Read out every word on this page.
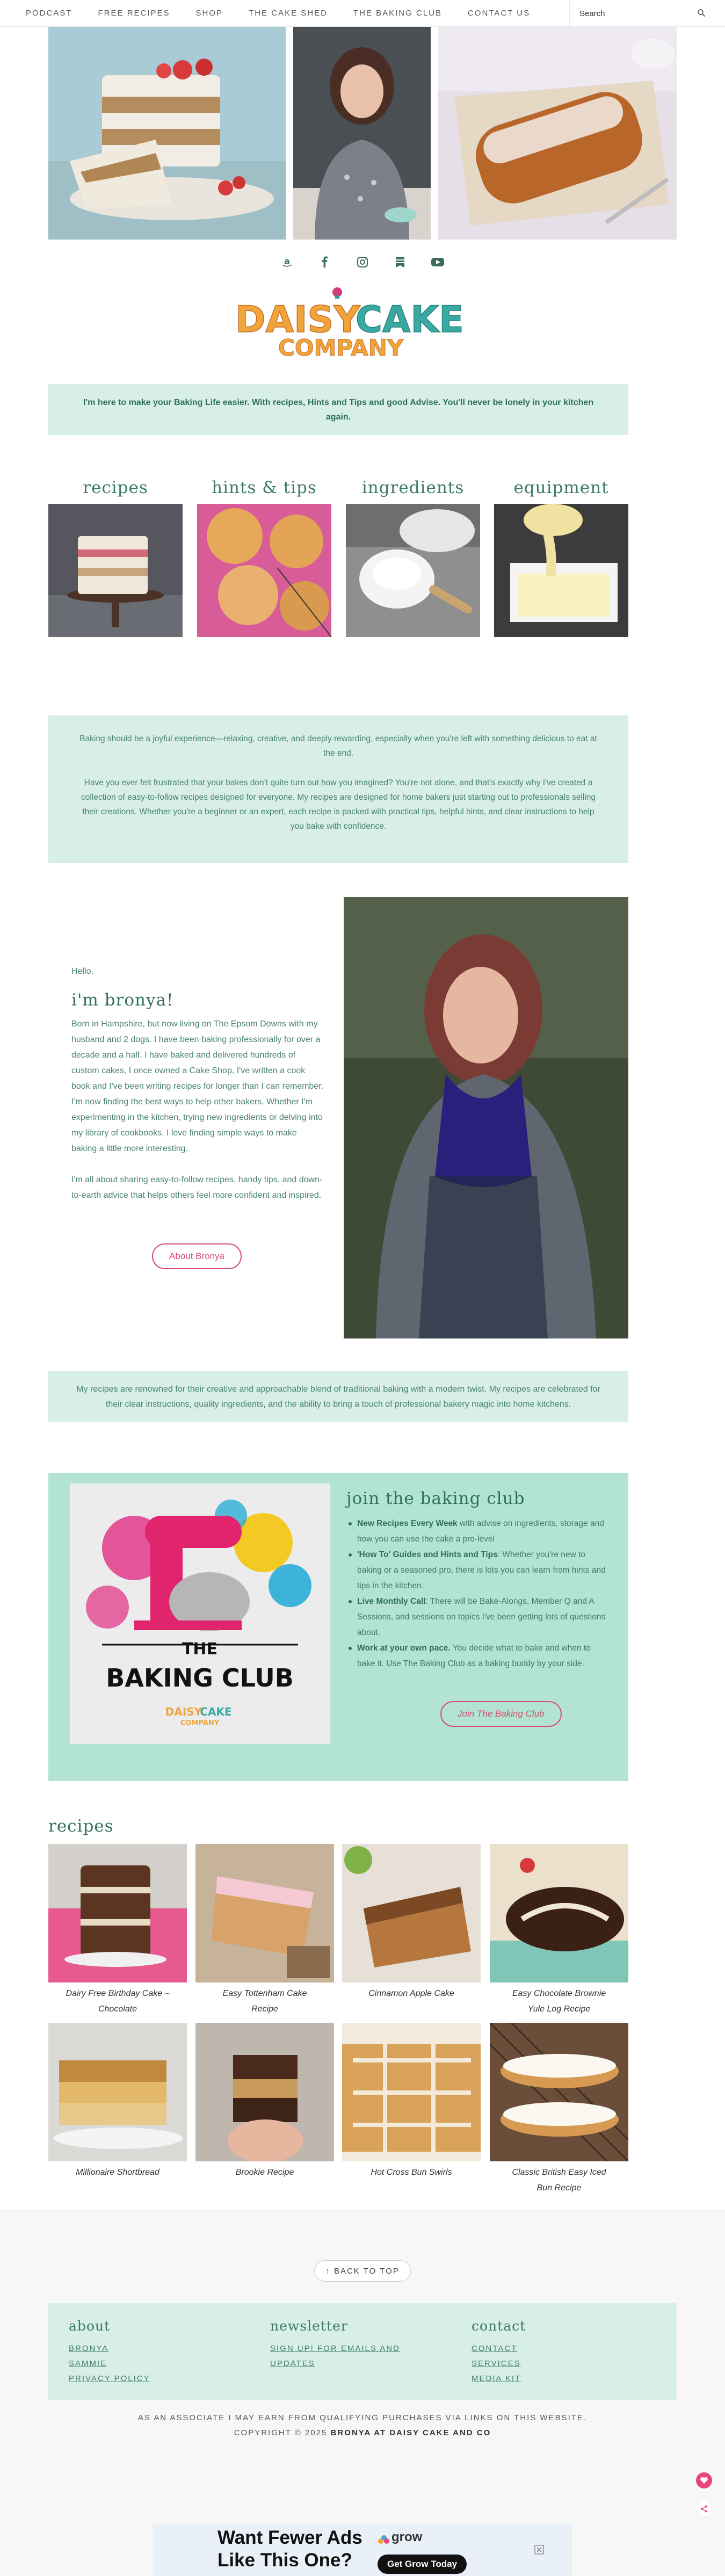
PODCAST	FREE RECIPES	SHOP	THE CAKE SHED	THE BAKING CLUB	CONTACT US
Search
a
DAISY
CAKE
COMPANY

I'm here to make your Baking Life easier. With recipes, Hints and Tips and good Advise. You'll never be lonely in your kitchen again.

recipes	hints & tips	ingredients	equipment

Baking should be a joyful experience—relaxing, creative, and deeply rewarding, especially when you're left with something delicious to eat at the end.

Have you ever felt frustrated that your bakes don't quite turn out how you imagined? You're not alone, and that's exactly why I've created a collection of easy-to-follow recipes designed for everyone. My recipes are designed for home bakers just starting out to professionals selling their creations. Whether you're a beginner or an expert, each recipe is packed with practical tips, helpful hints, and clear instructions to help you bake with confidence.

Hello,
i'm bronya!

Born in Hampshire, but now living on The Epsom Downs with my husband and 2 dogs. I have been baking professionally for over a decade and a half. I have baked and delivered hundreds of custom cakes, I once owned a Cake Shop, I've written a cook book and I've been writing recipes for longer than I can remember. I'm now finding the best ways to help other bakers. Whether I'm experimenting in the kitchen, trying new ingredients or delving into my library of cookbooks, I love finding simple ways to make baking a little more interesting.

I'm all about sharing easy-to-follow recipes, handy tips, and down-to-earth advice that helps others feel more confident and inspired.

About Bronya

My recipes are renowned for their creative and approachable blend of traditional baking with a modern twist. My recipes are celebrated for their clear instructions, quality ingredients, and the ability to bring a touch of professional bakery magic into home kitchens.

THE
BAKING CLUB
DAISY
CAKE
COMPANY
join the baking club
New Recipes Every Week with advise on ingredients, storage and how you can use the cake a pro-level
'How To' Guides and Hints and Tips: Whether you're new to baking or a seasoned pro, there is lots you can learn from hints and tips in the kitchen.
Live Monthly Call: There will be Bake-Alongs, Member Q and A Sessions, and sessions on topics I've been getting lots of questions about.
Work at your own pace. You decide what to bake and when to bake it. Use The Baking Club as a baking buddy by your side.
Join The Baking Club
recipes
Dairy Free Birthday Cake – Chocolate
Easy Tottenham Cake Recipe
Cinnamon Apple Cake	Easy Chocolate Brownie Yule Log Recipe
Millionaire Shortbread	Brookie Recipe	Hot Cross Bun Swirls	Classic British Easy Iced Bun Recipe
↑ BACK TO TOP
about
BRONYA
SAMMIE
PRIVACY POLICY
newsletter
SIGN UP! FOR EMAILS AND UPDATES
contact
CONTACT
SERVICES
MEDIA KIT
AS AN ASSOCIATE I MAY EARN FROM QUALIFYING PURCHASES VIA LINKS ON THIS WEBSITE.
COPYRIGHT © 2025 BRONYA AT DAISY CAKE AND CO
Want Fewer Ads
Like This One?
grow
Get Grow Today
